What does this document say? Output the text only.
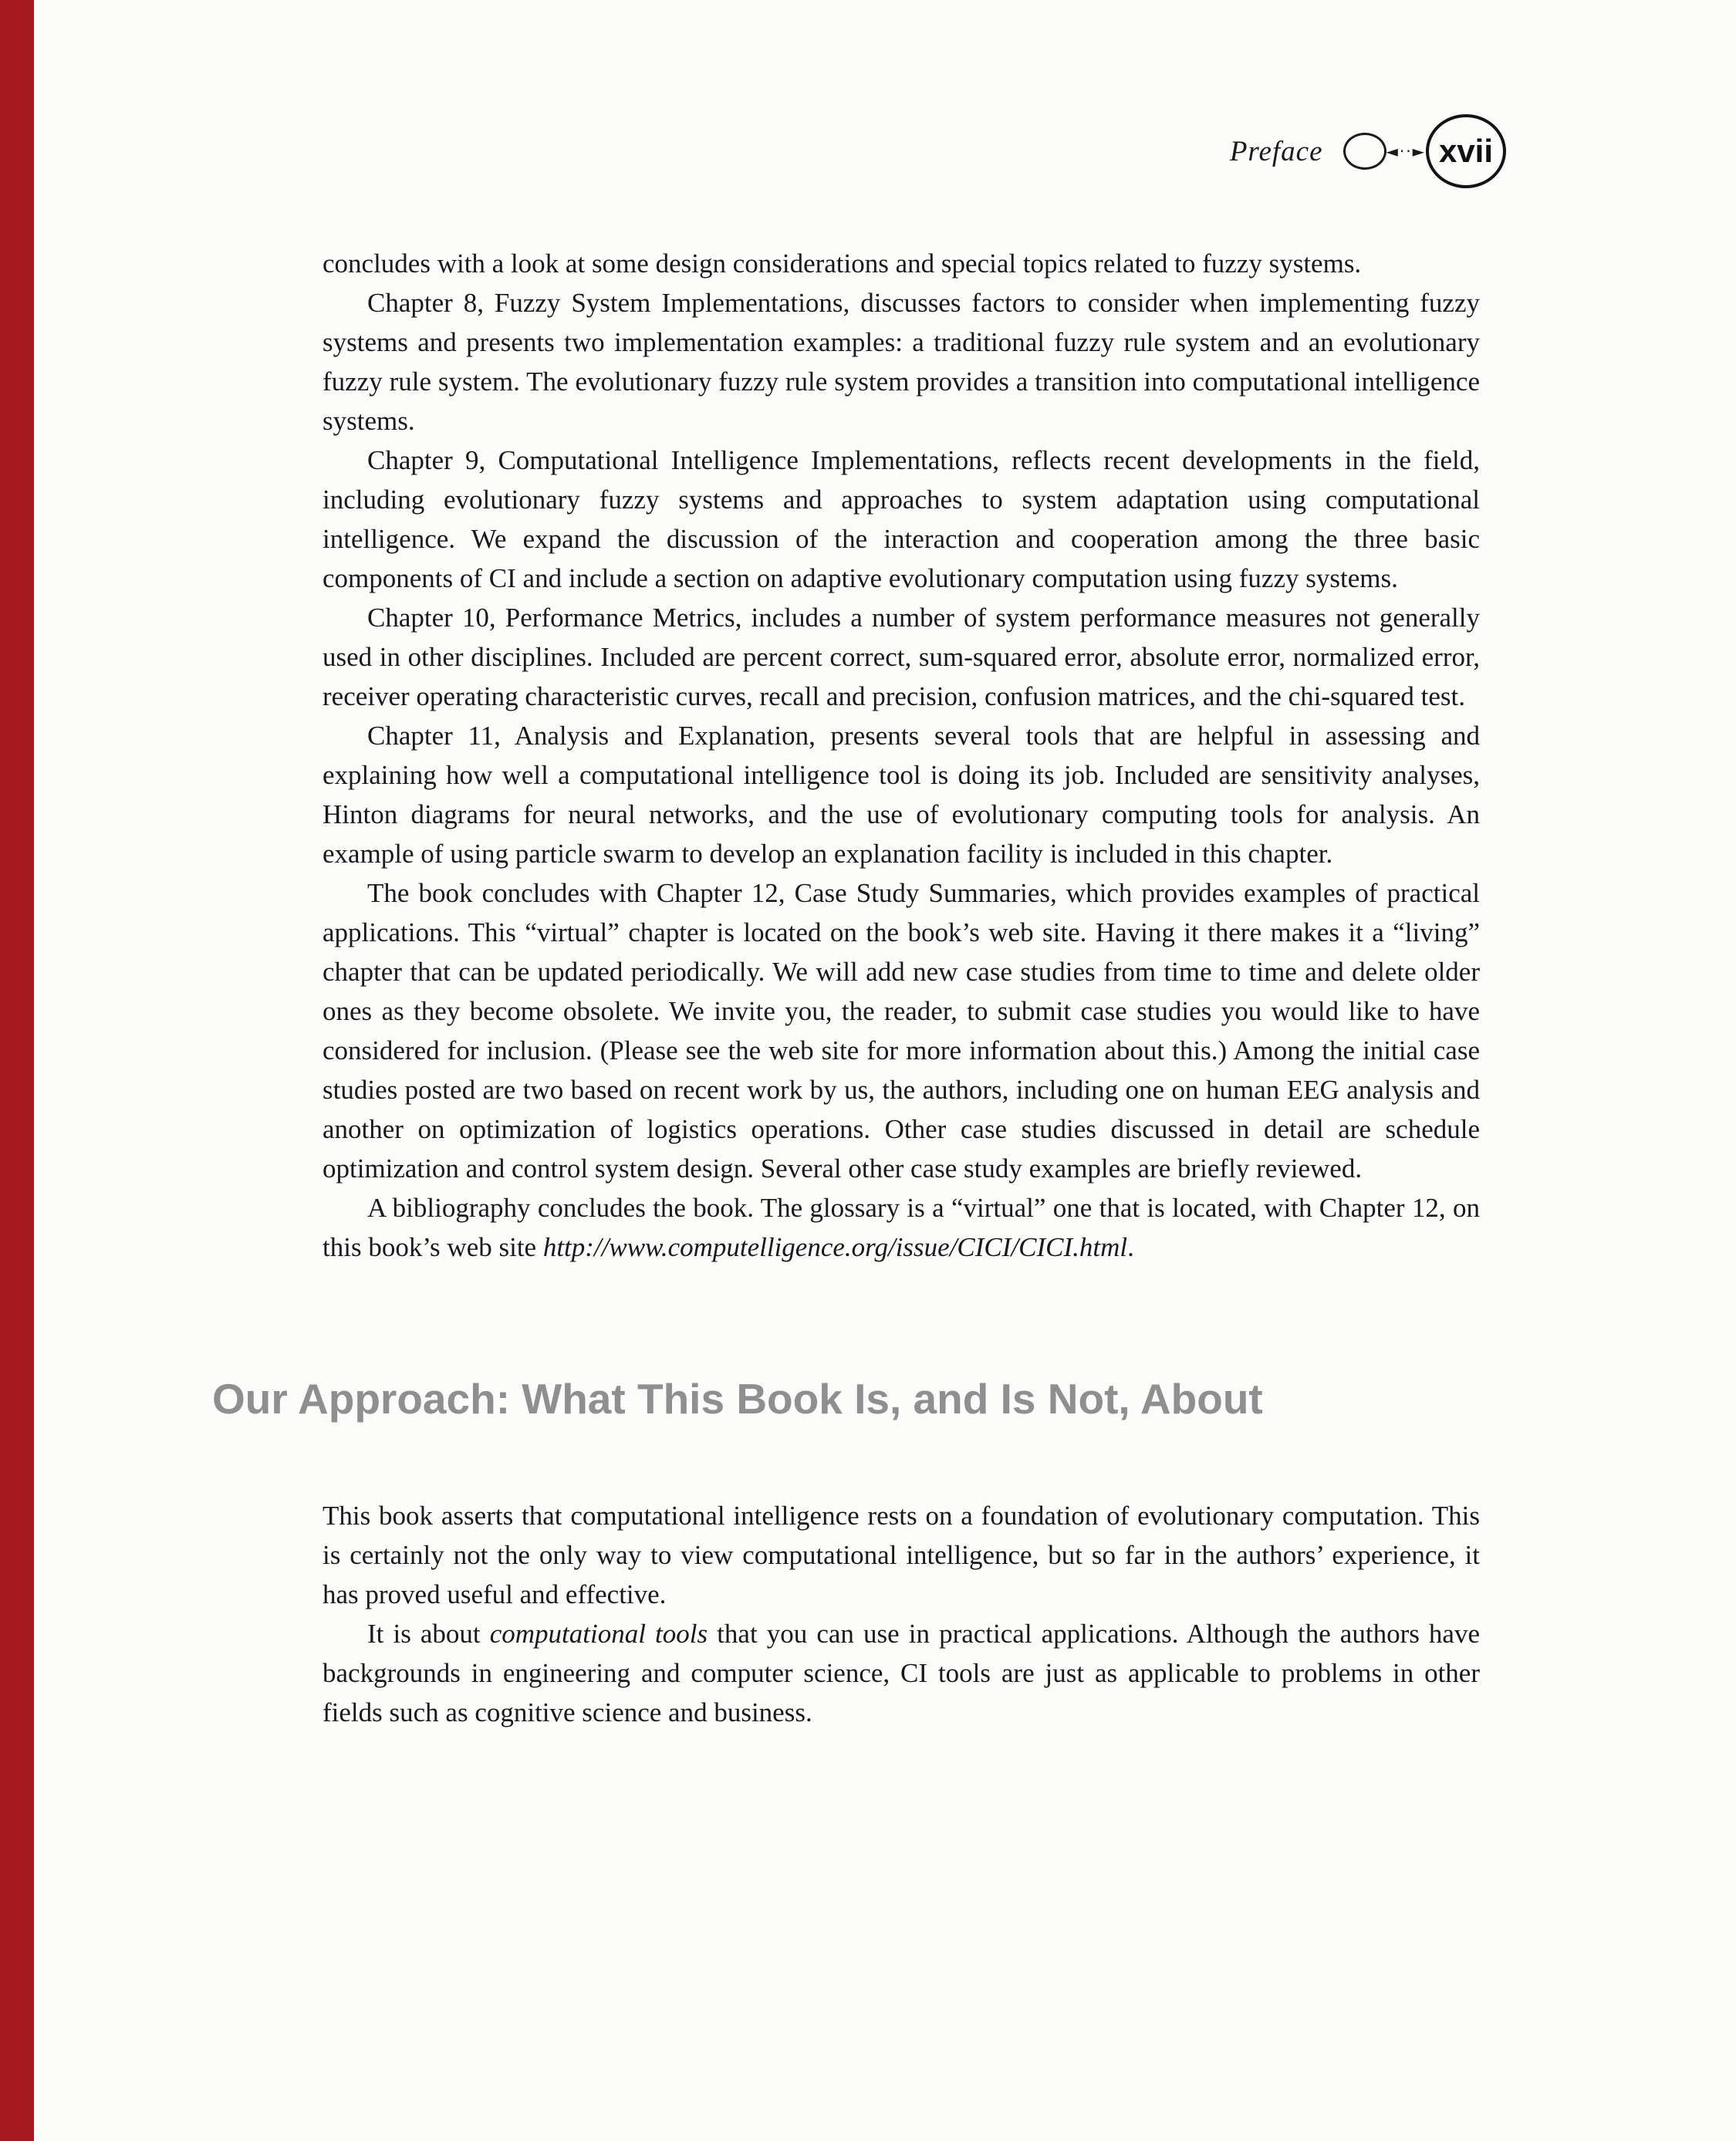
Preface	◄··► xvii

concludes with a look at some design considerations and special topics related to fuzzy systems.

Chapter 8, Fuzzy System Implementations, discusses factors to consider when implementing fuzzy systems and presents two implementation examples: a traditional fuzzy rule system and an evolutionary fuzzy rule system. The evolutionary fuzzy rule system provides a transition into computational intelligence systems.

Chapter 9, Computational Intelligence Implementations, reflects recent developments in the field, including evolutionary fuzzy systems and approaches to system adaptation using computational intelligence. We expand the discussion of the interaction and cooperation among the three basic components of CI and include a section on adaptive evolutionary computation using fuzzy systems.

Chapter 10, Performance Metrics, includes a number of system performance measures not generally used in other disciplines. Included are percent correct, sum-squared error, absolute error, normalized error, receiver operating characteristic curves, recall and precision, confusion matrices, and the chi-squared test.

Chapter 11, Analysis and Explanation, presents several tools that are helpful in assessing and explaining how well a computational intelligence tool is doing its job. Included are sensitivity analyses, Hinton diagrams for neural networks, and the use of evolutionary computing tools for analysis. An example of using particle swarm to develop an explanation facility is included in this chapter.

The book concludes with Chapter 12, Case Study Summaries, which provides examples of practical applications. This “virtual” chapter is located on the book’s web site. Having it there makes it a “living” chapter that can be updated periodically. We will add new case studies from time to time and delete older ones as they become obsolete. We invite you, the reader, to submit case studies you would like to have considered for inclusion. (Please see the web site for more information about this.) Among the initial case studies posted are two based on recent work by us, the authors, including one on human EEG analysis and another on optimization of logistics operations. Other case studies discussed in detail are schedule optimization and control system design. Several other case study examples are briefly reviewed.

A bibliography concludes the book. The glossary is a “virtual” one that is located, with Chapter 12, on this book’s web site http://www.computelligence.org/issue/CICI/CICI.html.

Our Approach: What This Book Is, and Is Not, About

This book asserts that computational intelligence rests on a foundation of evolutionary computation. This is certainly not the only way to view computational intelligence, but so far in the authors’ experience, it has proved useful and effective.

It is about computational tools that you can use in practical applications. Although the authors have backgrounds in engineering and computer science, CI tools are just as applicable to problems in other fields such as cognitive science and business.
